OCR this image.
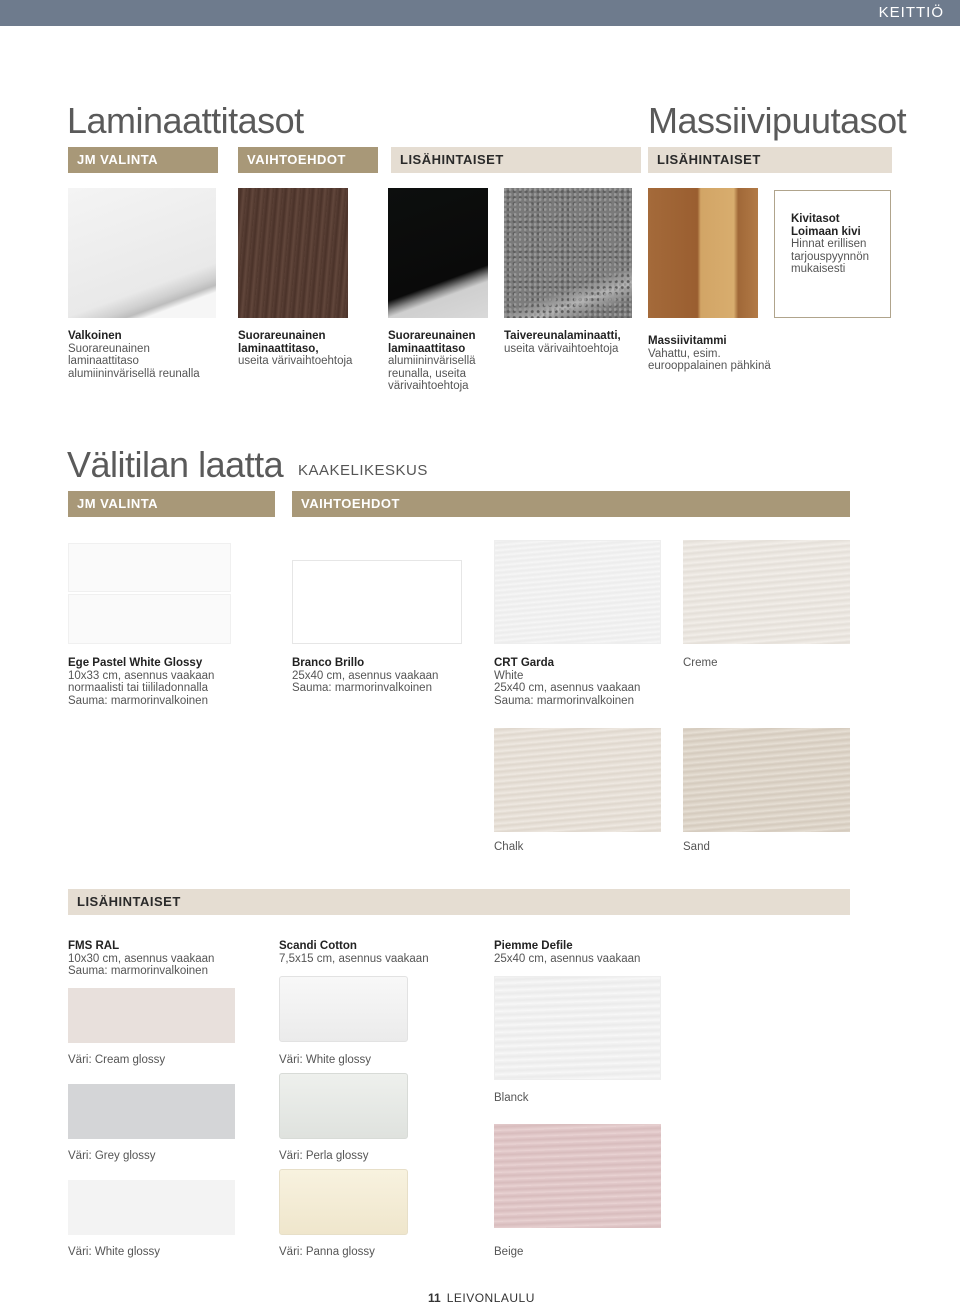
KEITTIÖ
Laminaattitasot	Massiivipuutasot
JM VALINTA	VAIHTOEHDOT	LISÄHINTAISET	LISÄHINTAISET
Kivitasot
Loimaan kivi
Hinnat erillisen
tarjouspyynnön
mukaisesti
Valkoinen
Suorareunainen
laminaattitaso
alumiininvärisellä reunalla
Suorareunainen laminaattitaso,
useita värivaihtoehtoja
Suorareunainen laminaattitaso
alumiininvärisellä
reunalla, useita
värivaihtoehtoja
Taivereunalaminaatti,
useita värivaihtoehtoja
Massiivitammi
Vahattu, esim.
eurooppalainen pähkinä
Välitilan laatta KAAKELIKESKUS
JM VALINTA	VAIHTOEHDOT
Ege Pastel White Glossy
10x33 cm, asennus vaakaan
normaalisti tai tiililadonnalla
Sauma: marmorinvalkoinen
Branco Brillo
25x40 cm, asennus vaakaan
Sauma: marmorinvalkoinen
CRT Garda
White
25x40 cm, asennus vaakaan
Sauma: marmorinvalkoinen
Creme
Chalk	Sand
LISÄHINTAISET
FMS RAL
10x30 cm, asennus vaakaan
Sauma: marmorinvalkoinen
Scandi Cotton
7,5x15 cm, asennus vaakaan
Piemme Defile
25x40 cm, asennus vaakaan
Väri: Cream glossy
Väri: Grey glossy
Väri: White glossy
Väri: White glossy
Väri: Perla glossy
Väri: Panna glossy
Blanck
Beige
11 LEIVONLAULU
